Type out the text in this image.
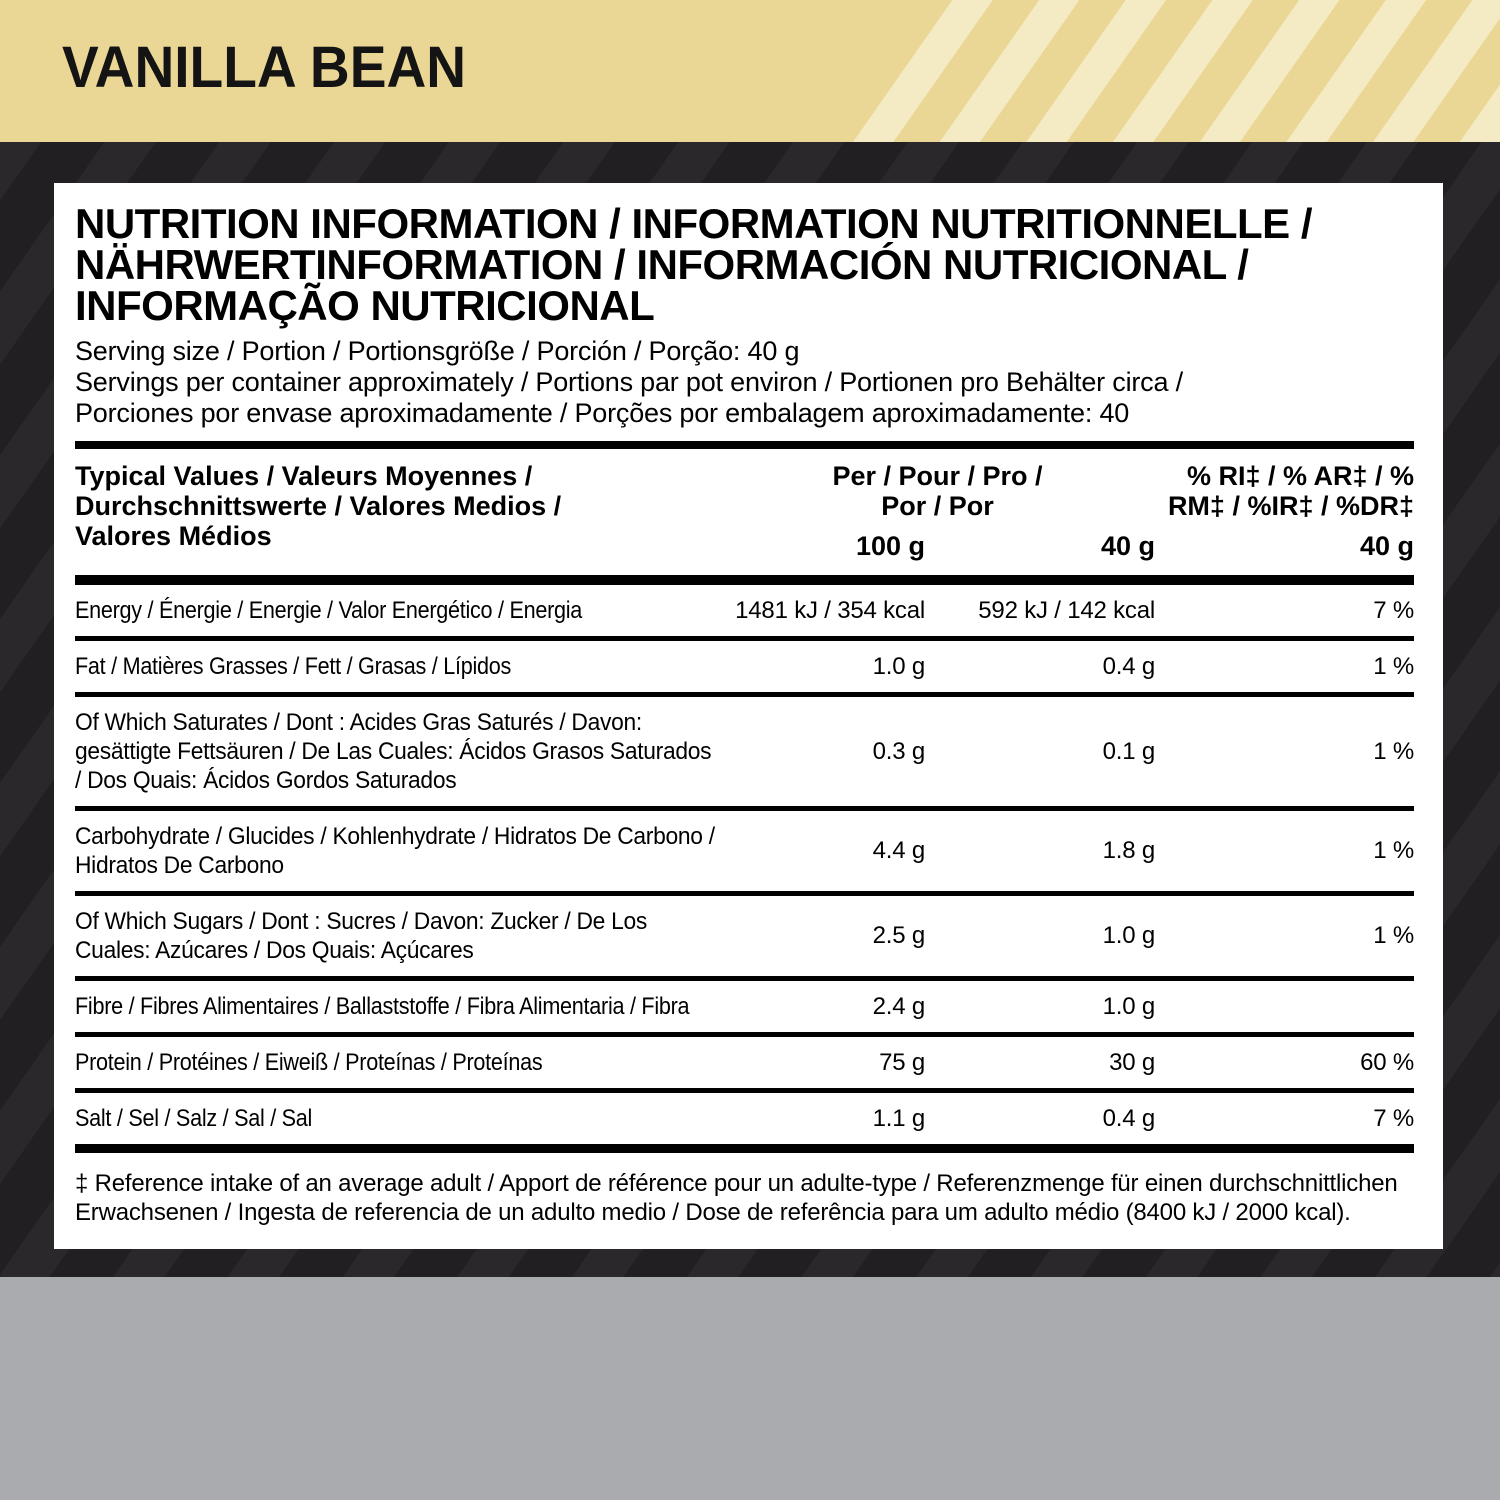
VANILLA BEAN
NUTRITION INFORMATION / INFORMATION NUTRITIONNELLE /
NÄHRWERTINFORMATION / INFORMACIÓN NUTRICIONAL /
INFORMAÇÃO NUTRICIONAL
Serving size / Portion / Portionsgröße / Porción / Porção: 40 g
Servings per container approximately / Portions par pot environ / Portionen pro Behälter circa /
Porciones por envase aproximadamente / Porções por embalagem aproximadamente: 40
Typical Values / Valeurs Moyennes /
Durchschnittswerte / Valores Medios /
Valores Médios

Per / Pour / Pro /
Por / Por

% RI‡ / % AR‡ / %
RM‡ / %IR‡ / %DR‡

	100 g	40 g	40 g

Energy / Énergie / Energie / Valor Energético / Energia	1481 kJ / 354 kcal	592 kJ / 142 kcal	7 %

Fat / Matières Grasses / Fett / Grasas / Lípidos	1.0 g	0.4 g	1 %

Of Which Saturates / Dont : Acides Gras Saturés / Davon: gesättigte Fettsäuren / De Las Cuales: Ácidos Grasos Saturados / Dos Quais: Ácidos Gordos Saturados	0.3 g	0.1 g	1 %

Carbohydrate / Glucides / Kohlenhydrate / Hidratos De Carbono / Hidratos De Carbono	4.4 g	1.8 g	1 %

Of Which Sugars / Dont : Sucres / Davon: Zucker / De Los Cuales: Azúcares / Dos Quais: Açúcares	2.5 g	1.0 g	1 %

Fibre / Fibres Alimentaires / Ballaststoffe / Fibra Alimentaria / Fibra	2.4 g	1.0 g	

Protein / Protéines / Eiweiß / Proteínas / Proteínas	75 g	30 g	60 %

Salt / Sel / Salz / Sal / Sal	1.1 g	0.4 g	7 %

‡ Reference intake of an average adult / Apport de référence pour un adulte-type / Referenzmenge für einen durchschnittlichen Erwachsenen / Ingesta de referencia de un adulto medio / Dose de referência para um adulto médio (8400 kJ / 2000 kcal).
